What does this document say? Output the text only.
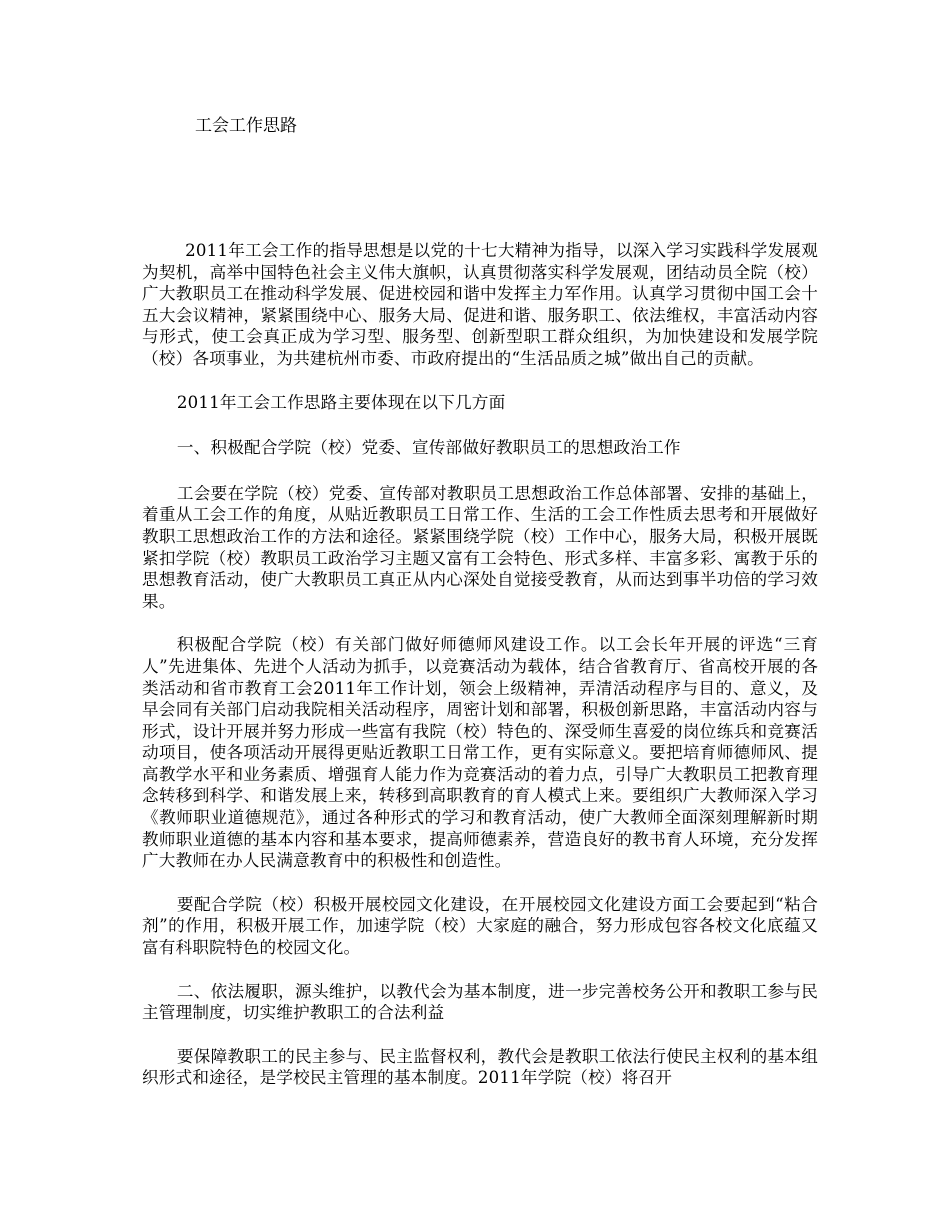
工会工作思路

2011年工会工作的指导思想是以党的十七大精神为指导，以深入学习实践科学发展观为契机，高举中国特色社会主义伟大旗帜，认真贯彻落实科学发展观，团结动员全院（校）广大教职员工在推动科学发展、促进校园和谐中发挥主力军作用。认真学习贯彻中国工会十五大会议精神，紧紧围绕中心、服务大局、促进和谐、服务职工、依法维权，丰富活动内容与形式，使工会真正成为学习型、服务型、创新型职工群众组织，为加快建设和发展学院（校）各项事业，为共建杭州市委、市政府提出的“生活品质之城”做出自己的贡献。

2011年工会工作思路主要体现在以下几方面

一、积极配合学院（校）党委、宣传部做好教职员工的思想政治工作

工会要在学院（校）党委、宣传部对教职员工思想政治工作总体部署、安排的基础上，着重从工会工作的角度，从贴近教职员工日常工作、生活的工会工作性质去思考和开展做好教职工思想政治工作的方法和途径。紧紧围绕学院（校）工作中心，服务大局，积极开展既紧扣学院（校）教职员工政治学习主题又富有工会特色、形式多样、丰富多彩、寓教于乐的思想教育活动，使广大教职员工真正从内心深处自觉接受教育，从而达到事半功倍的学习效果。

积极配合学院（校）有关部门做好师德师风建设工作。以工会长年开展的评选“三育人”先进集体、先进个人活动为抓手，以竞赛活动为载体，结合省教育厅、省高校开展的各类活动和省市教育工会2011年工作计划，领会上级精神，弄清活动程序与目的、意义，及早会同有关部门启动我院相关活动程序，周密计划和部署，积极创新思路，丰富活动内容与形式，设计开展并努力形成一些富有我院（校）特色的、深受师生喜爱的岗位练兵和竞赛活动项目，使各项活动开展得更贴近教职工日常工作，更有实际意义。要把培育师德师风、提高教学水平和业务素质、增强育人能力作为竞赛活动的着力点，引导广大教职员工把教育理念转移到科学、和谐发展上来，转移到高职教育的育人模式上来。要组织广大教师深入学习《教师职业道德规范》，通过各种形式的学习和教育活动，使广大教师全面深刻理解新时期教师职业道德的基本内容和基本要求，提高师德素养，营造良好的教书育人环境，充分发挥广大教师在办人民满意教育中的积极性和创造性。

要配合学院（校）积极开展校园文化建设，在开展校园文化建设方面工会要起到“粘合剂”的作用，积极开展工作，加速学院（校）大家庭的融合，努力形成包容各校文化底蕴又富有科职院特色的校园文化。

二、依法履职，源头维护，以教代会为基本制度，进一步完善校务公开和教职工参与民主管理制度，切实维护教职工的合法利益

要保障教职工的民主参与、民主监督权利，教代会是教职工依法行使民主权利的基本组织形式和途径，是学校民主管理的基本制度。2011年学院（校）将召开
